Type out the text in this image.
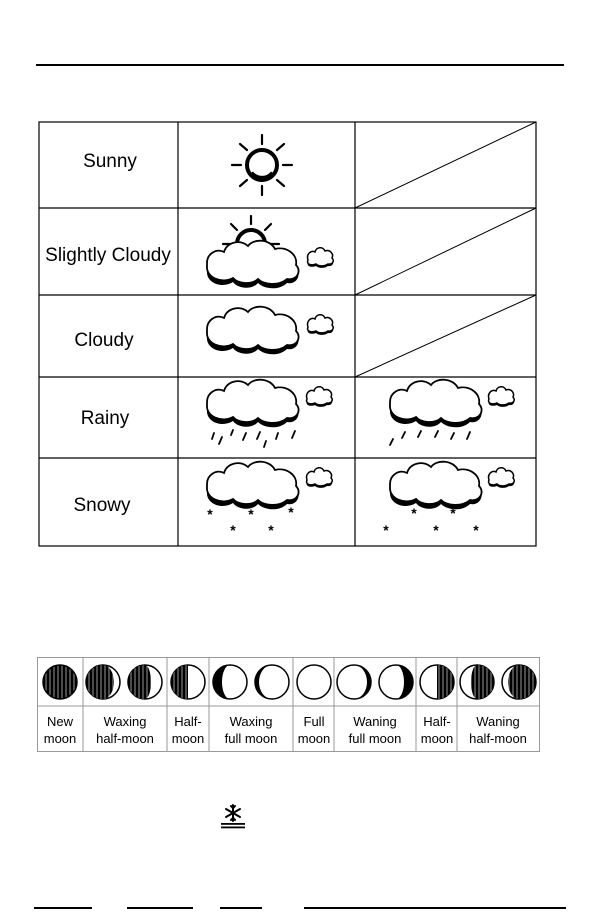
*
Sunny
Slightly Cloudy
Cloudy
Rainy
Snowy
New
moon
Waxing
half-moon
Half-
moon
Waxing
full moon
Full
moon
Waning
full moon
Half-
moon
Waning
half-moon
